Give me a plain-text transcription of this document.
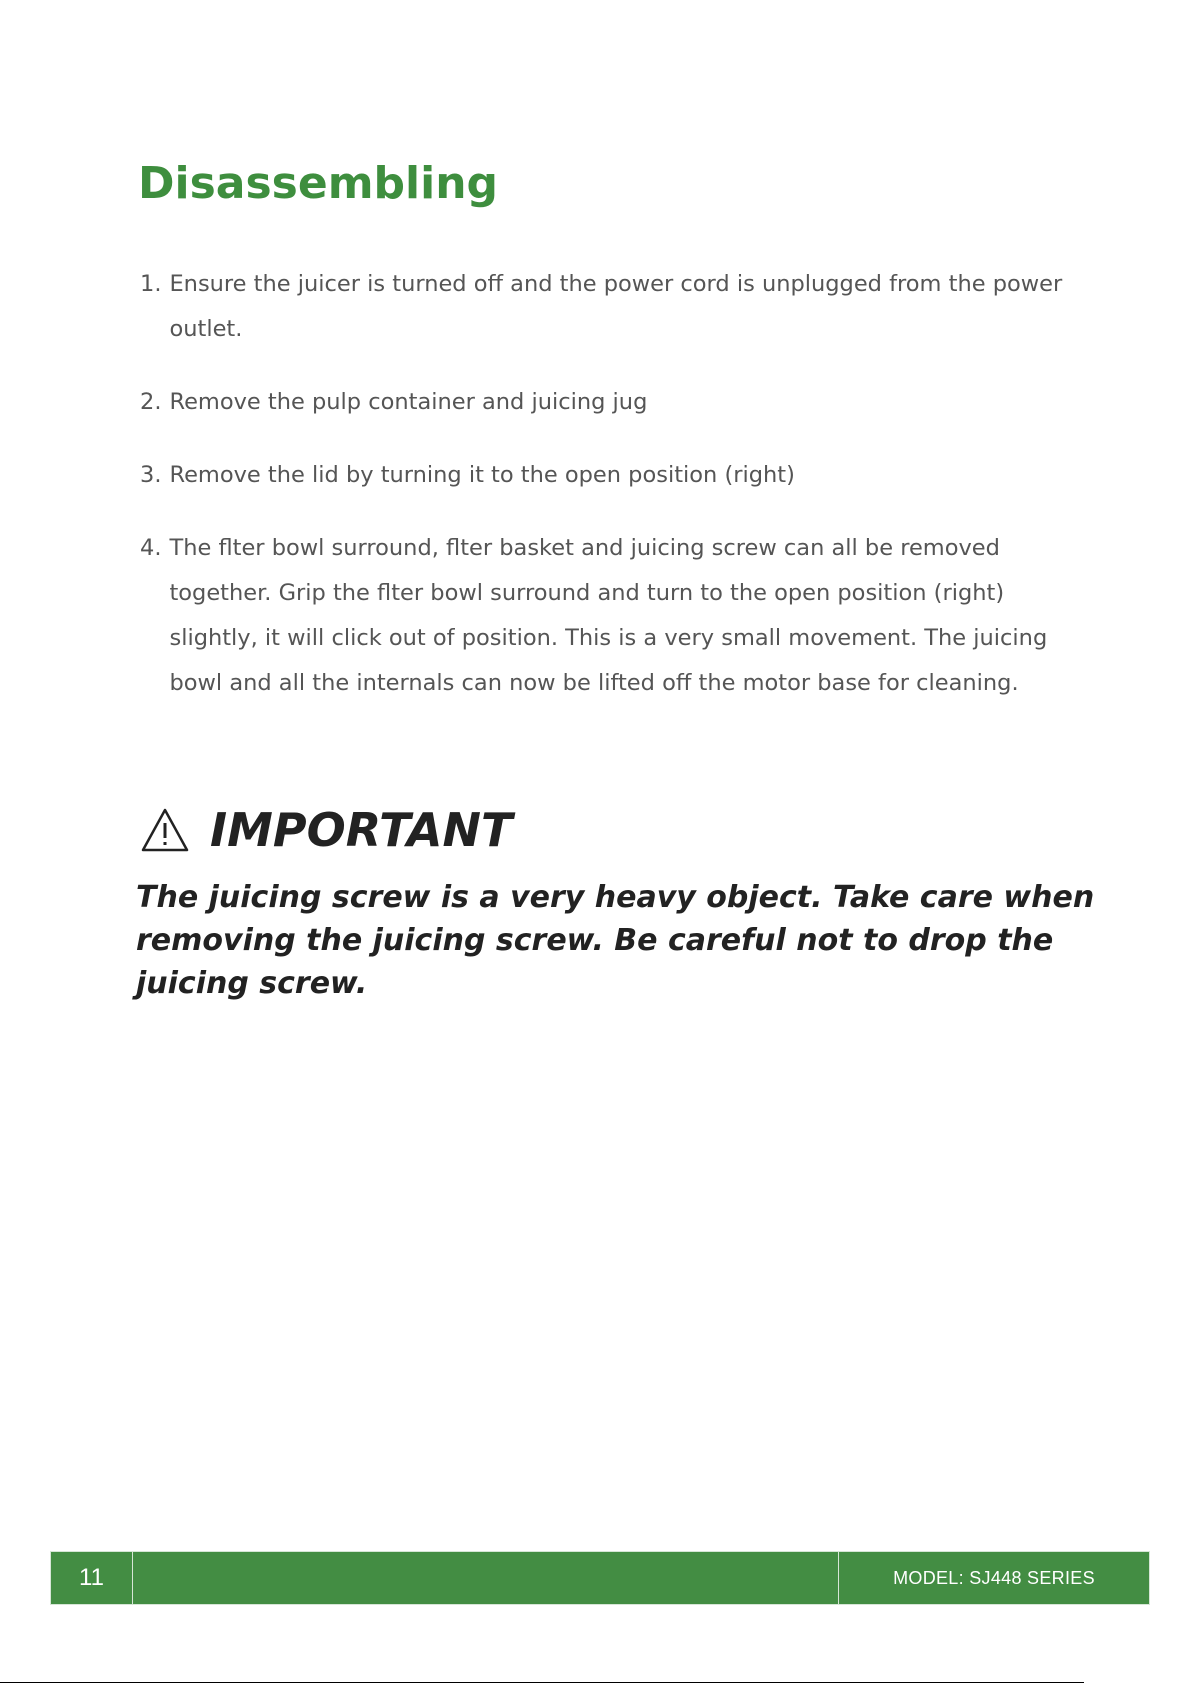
Disassembling
1. Ensure the juicer is turned off and the power cord is unplugged from the power outlet.
2. Remove the pulp container and juicing jug
3. Remove the lid by turning it to the open position (right)
4. The flter bowl surround, flter basket and juicing screw can all be removed together. Grip the flter bowl surround and turn to the open position (right) slightly, it will click out of position. This is a very small movement. The juicing bowl and all the internals can now be lifted off the motor base for cleaning.
IMPORTANT

The juicing screw is a very heavy object. Take care when removing the juicing screw. Be careful not to drop the juicing screw.

11	MODEL: SJ448 SERIES
